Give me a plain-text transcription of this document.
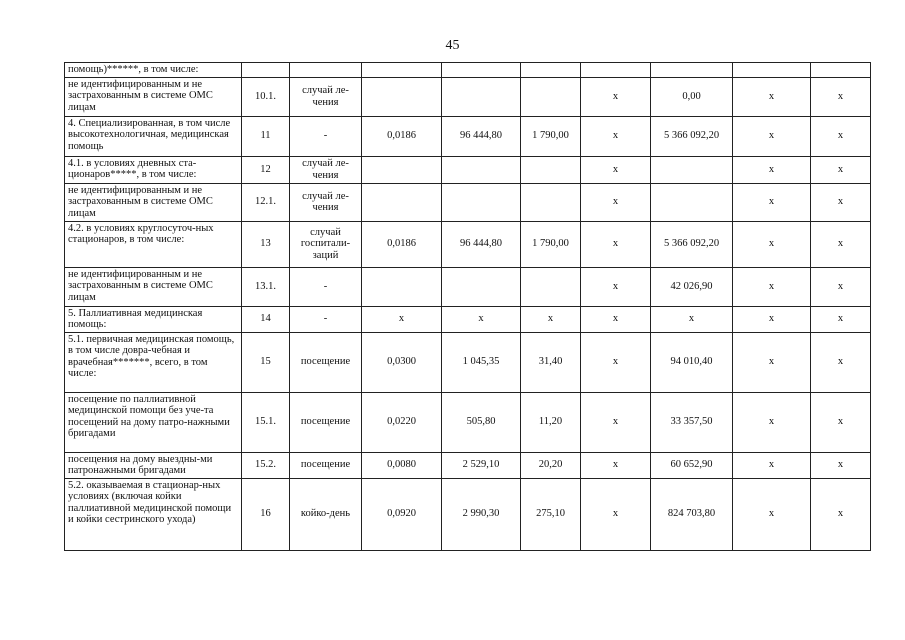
45
помощь)******, в том числе:									
не идентифицированным и не застрахованным в системе ОМС лицам	10.1.	случай ле-чения				х	0,00	х	х
4. Специализированная, в том числе высокотехнологичная, медицинская помощь	11	-	0,0186	96 444,80	1 790,00	х	5 366 092,20	х	х
4.1. в условиях дневных ста-ционаров*****, в том числе:	12	случай ле-чения				х		х	х
не идентифицированным и не застрахованным в системе ОМС лицам	12.1.	случай ле-чения				х		х	х
4.2. в условиях круглосуточ-ных стационаров, в том числе:	13	случай госпитали-заций	0,0186	96 444,80	1 790,00	х	5 366 092,20	х	х
не идентифицированным и не застрахованным в системе ОМС лицам	13.1.	-				х	42 026,90	х	х
5. Паллиативная медицинская помощь:	14	-	х	х	х	х	х	х	х
5.1. первичная медицинская помощь, в том числе довра-чебная и врачебная*******, всего, в том числе:	15	посещение	0,0300	1 045,35	31,40	х	94 010,40	х	х
посещение по паллиативной медицинской помощи без уче-та посещений на дому патро-нажными бригадами	15.1.	посещение	0,0220	505,80	11,20	х	33 357,50	х	х
посещения на дому выездны-ми патронажными бригадами	15.2.	посещение	0,0080	2 529,10	20,20	х	60 652,90	х	х
5.2. оказываемая в стационар-ных условиях (включая койки паллиативной медицинской помощи и койки сестринского ухода)	16	койко-день	0,0920	2 990,30	275,10	х	824 703,80	х	х
